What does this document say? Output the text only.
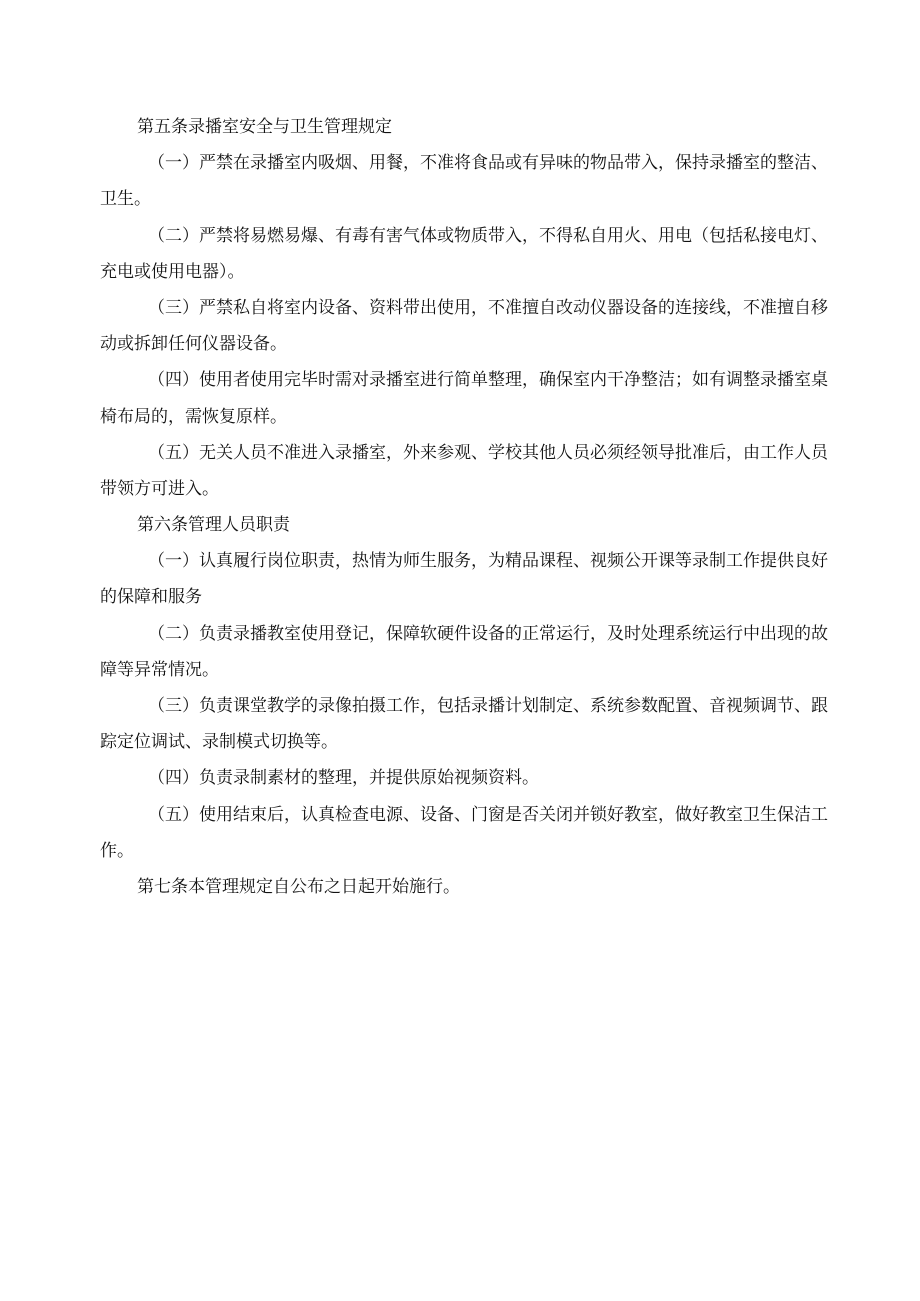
第五条录播室安全与卫生管理规定
（一）严禁在录播室内吸烟、用餐，不准将食品或有异味的物品带入，保持录播室的整洁、
卫生。
（二）严禁将易燃易爆、有毒有害气体或物质带入，不得私自用火、用电（包括私接电灯、
充电或使用电器）。
（三）严禁私自将室内设备、资料带出使用，不准擅自改动仪器设备的连接线，不准擅自移
动或拆卸任何仪器设备。
（四）使用者使用完毕时需对录播室进行简单整理，确保室内干净整洁；如有调整录播室桌
椅布局的，需恢复原样。
（五）无关人员不准进入录播室，外来参观、学校其他人员必须经领导批准后，由工作人员
带领方可进入。
第六条管理人员职责
（一）认真履行岗位职责，热情为师生服务，为精品课程、视频公开课等录制工作提供良好
的保障和服务
（二）负责录播教室使用登记，保障软硬件设备的正常运行，及时处理系统运行中出现的故
障等异常情况。
（三）负责课堂教学的录像拍摄工作，包括录播计划制定、系统参数配置、音视频调节、跟
踪定位调试、录制模式切换等。
（四）负责录制素材的整理，并提供原始视频资料。
（五）使用结束后，认真检查电源、设备、门窗是否关闭并锁好教室，做好教室卫生保洁工
作。
第七条本管理规定自公布之日起开始施行。
